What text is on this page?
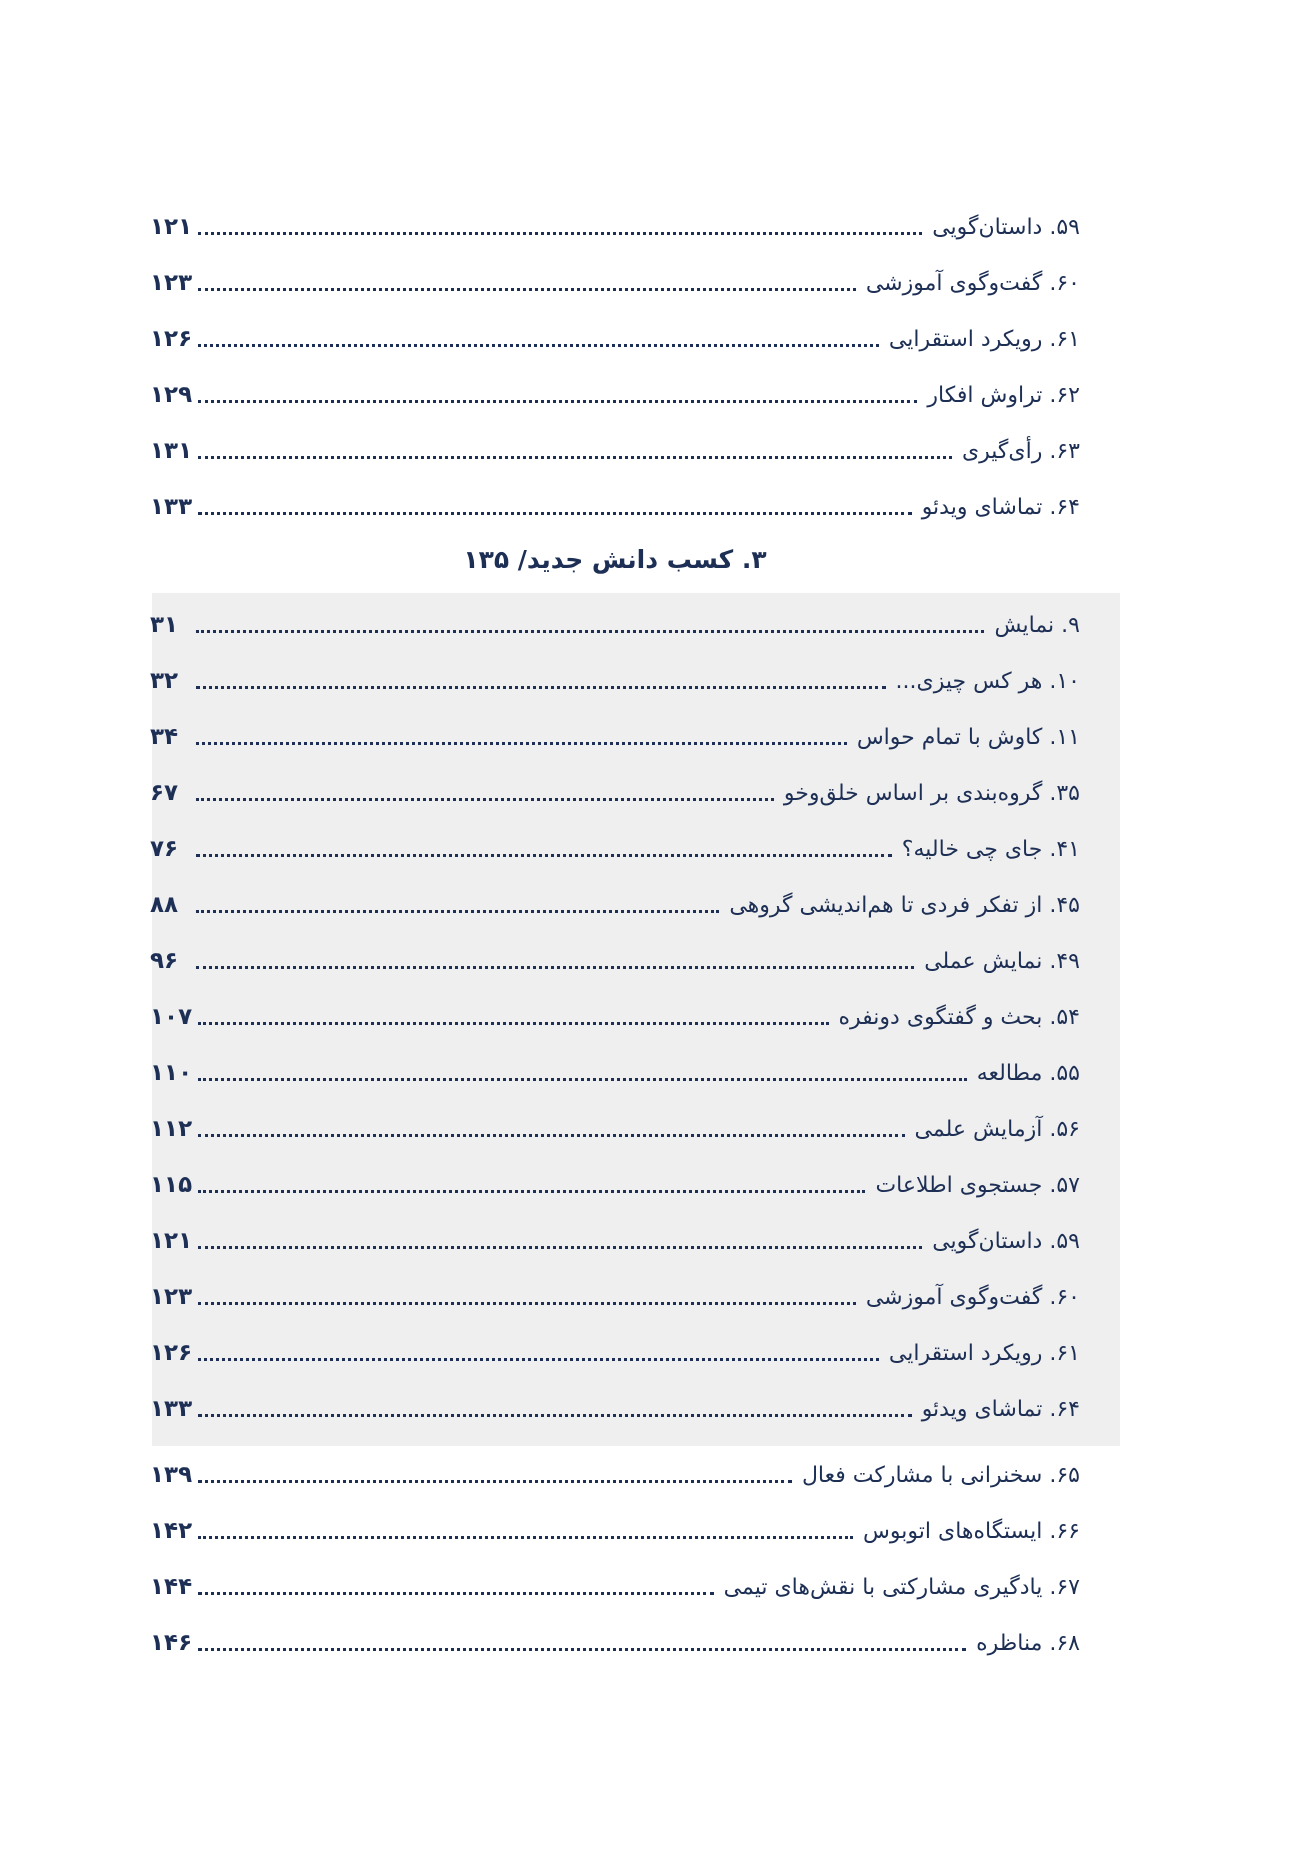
۵۹. داستان‌گویی
۱۲۱
۶۰. گفت‌وگوی آموزشی
۱۲۳
۶۱. رویکرد استقرایی
۱۲۶
۶۲. تراوش افکار
۱۲۹
۶۳. رأی‌گیری
۱۳۱
۶۴. تماشای ویدئو
۱۳۳
۳. کسب دانش جدید/ ۱۳۵
۹. نمایش
۳۱
۱۰. هر کس چیزی...
۳۲
۱۱. کاوش با تمام حواس
۳۴
۳۵. گروه‌بندی بر اساس خلق‌وخو
۶۷
۴۱. جای چی خالیه؟
۷۶
۴۵. از تفکر فردی تا هم‌اندیشی گروهی
۸۸
۴۹. نمایش عملی
۹۶
۵۴. بحث و گفتگوی دونفره
۱۰۷
۵۵. مطالعه
۱۱۰
۵۶. آزمایش علمی
۱۱۲
۵۷. جستجوی اطلاعات
۱۱۵
۵۹. داستان‌گویی
۱۲۱
۶۰. گفت‌وگوی آموزشی
۱۲۳
۶۱. رویکرد استقرایی
۱۲۶
۶۴. تماشای ویدئو
۱۳۳
۶۵. سخنرانی با مشارکت فعال
۱۳۹
۶۶. ایستگاه‌های اتوبوس
۱۴۲
۶۷. یادگیری مشارکتی با نقش‌های تیمی
۱۴۴
۶۸. مناظره
۱۴۶
